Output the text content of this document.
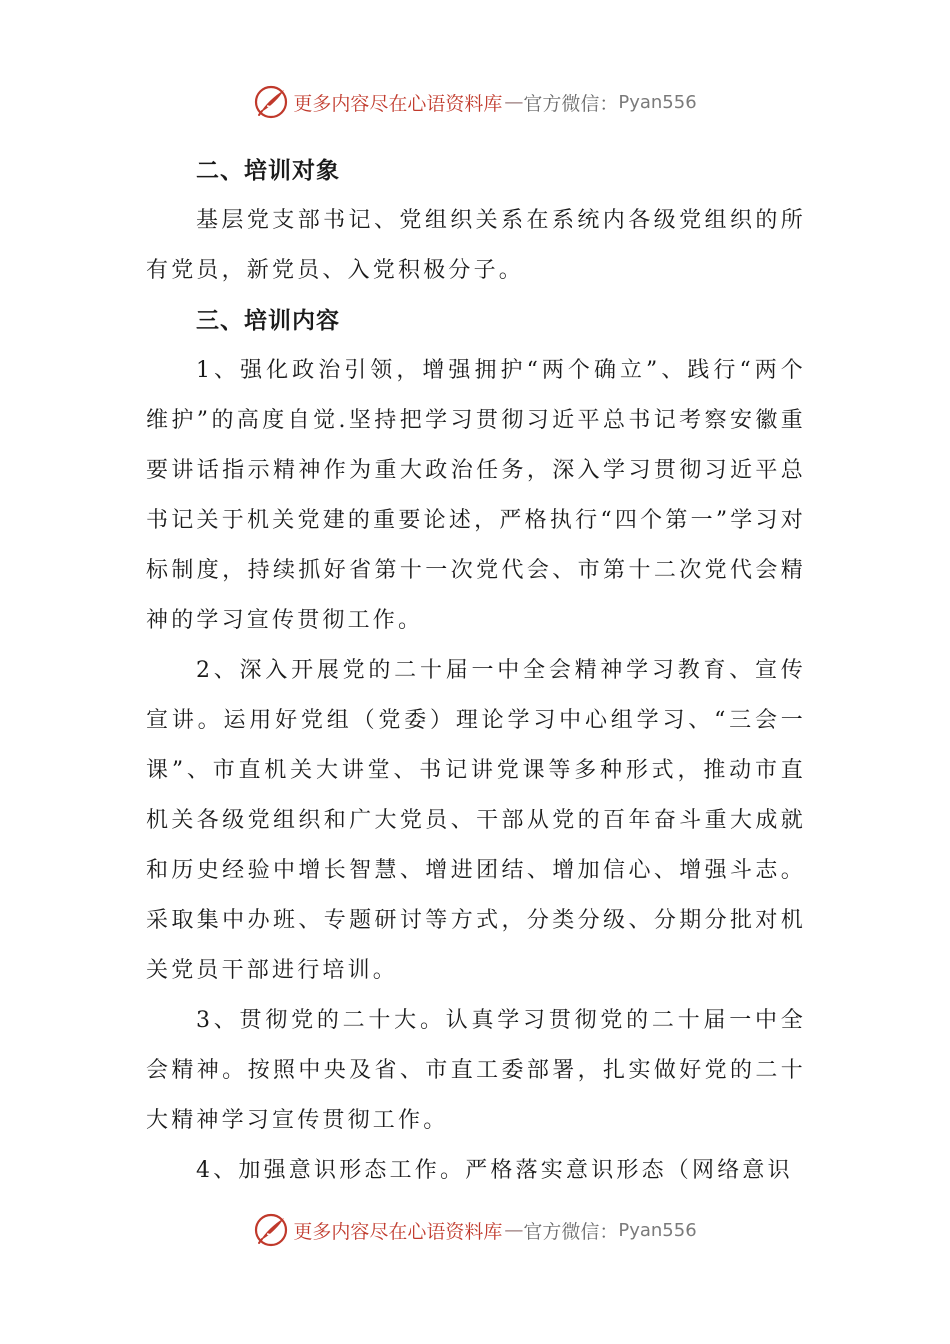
更多内容尽在心语资料库 — 官方微信： Pyan556
二、培训对象

基层党支部书记、党组织关系在系统内各级党组织的所有党员，新党员、入党积极分子。

三、培训内容

1、强化政治引领，增强拥护“两个确立”、践行“两个维护”的高度自觉.坚持把学习贯彻习近平总书记考察安徽重要讲话指示精神作为重大政治任务，深入学习贯彻习近平总书记关于机关党建的重要论述，严格执行“四个第一”学习对标制度，持续抓好省第十一次党代会、市第十二次党代会精神的学习宣传贯彻工作。

2、深入开展党的二十届一中全会精神学习教育、宣传宣讲。运用好党组（党委）理论学习中心组学习、“三会一课”、市直机关大讲堂、书记讲党课等多种形式，推动市直机关各级党组织和广大党员、干部从党的百年奋斗重大成就和历史经验中增长智慧、增进团结、增加信心、增强斗志。采取集中办班、专题研讨等方式，分类分级、分期分批对机关党员干部进行培训。

3、贯彻党的二十大。认真学习贯彻党的二十届一中全会精神。按照中央及省、市直工委部署，扎实做好党的二十大精神学习宣传贯彻工作。

4、加强意识形态工作。严格落实意识形态（网络意识

更多内容尽在心语资料库 — 官方微信： Pyan556
